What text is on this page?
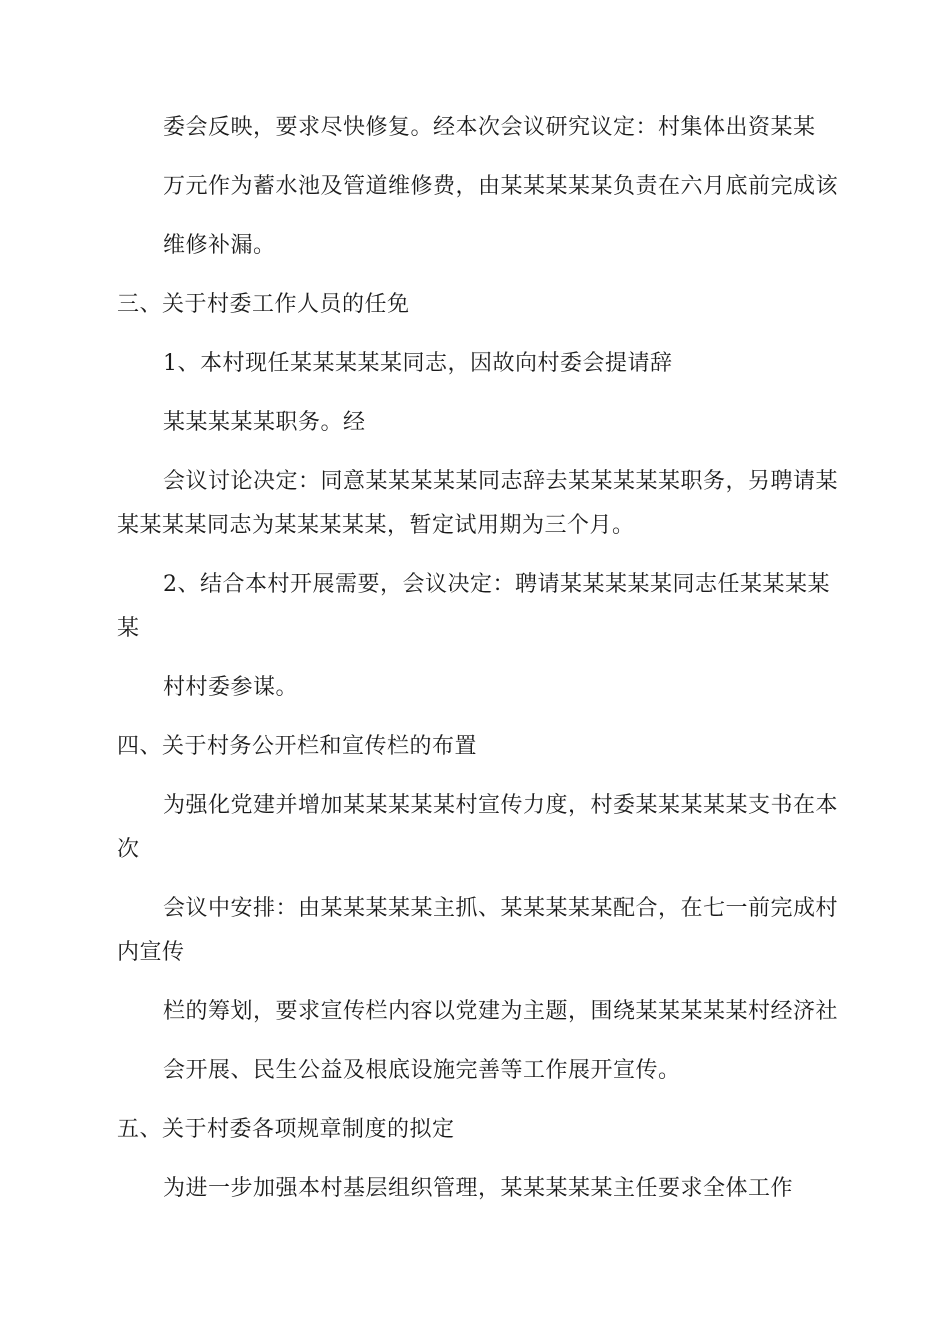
委会反映，要求尽快修复。经本次会议研究议定：村集体出资某某
万元作为蓄水池及管道维修费，由某某某某某负责在六月底前完成该
维修补漏。
三、关于村委工作人员的任免
1、本村现任某某某某某同志，因故向村委会提请辞
某某某某某职务。经
会议讨论决定：同意某某某某某同志辞去某某某某某职务，另聘请某
某某某某同志为某某某某某，暂定试用期为三个月。
2、结合本村开展需要，会议决定：聘请某某某某某同志任某某某某
某
村村委参谋。
四、关于村务公开栏和宣传栏的布置
为强化党建并增加某某某某某村宣传力度，村委某某某某某支书在本
次
会议中安排：由某某某某某主抓、某某某某某配合，在七一前完成村
内宣传
栏的筹划，要求宣传栏内容以党建为主题，围绕某某某某某村经济社
会开展、民生公益及根底设施完善等工作展开宣传。
五、关于村委各项规章制度的拟定
为进一步加强本村基层组织管理，某某某某某主任要求全体工作
